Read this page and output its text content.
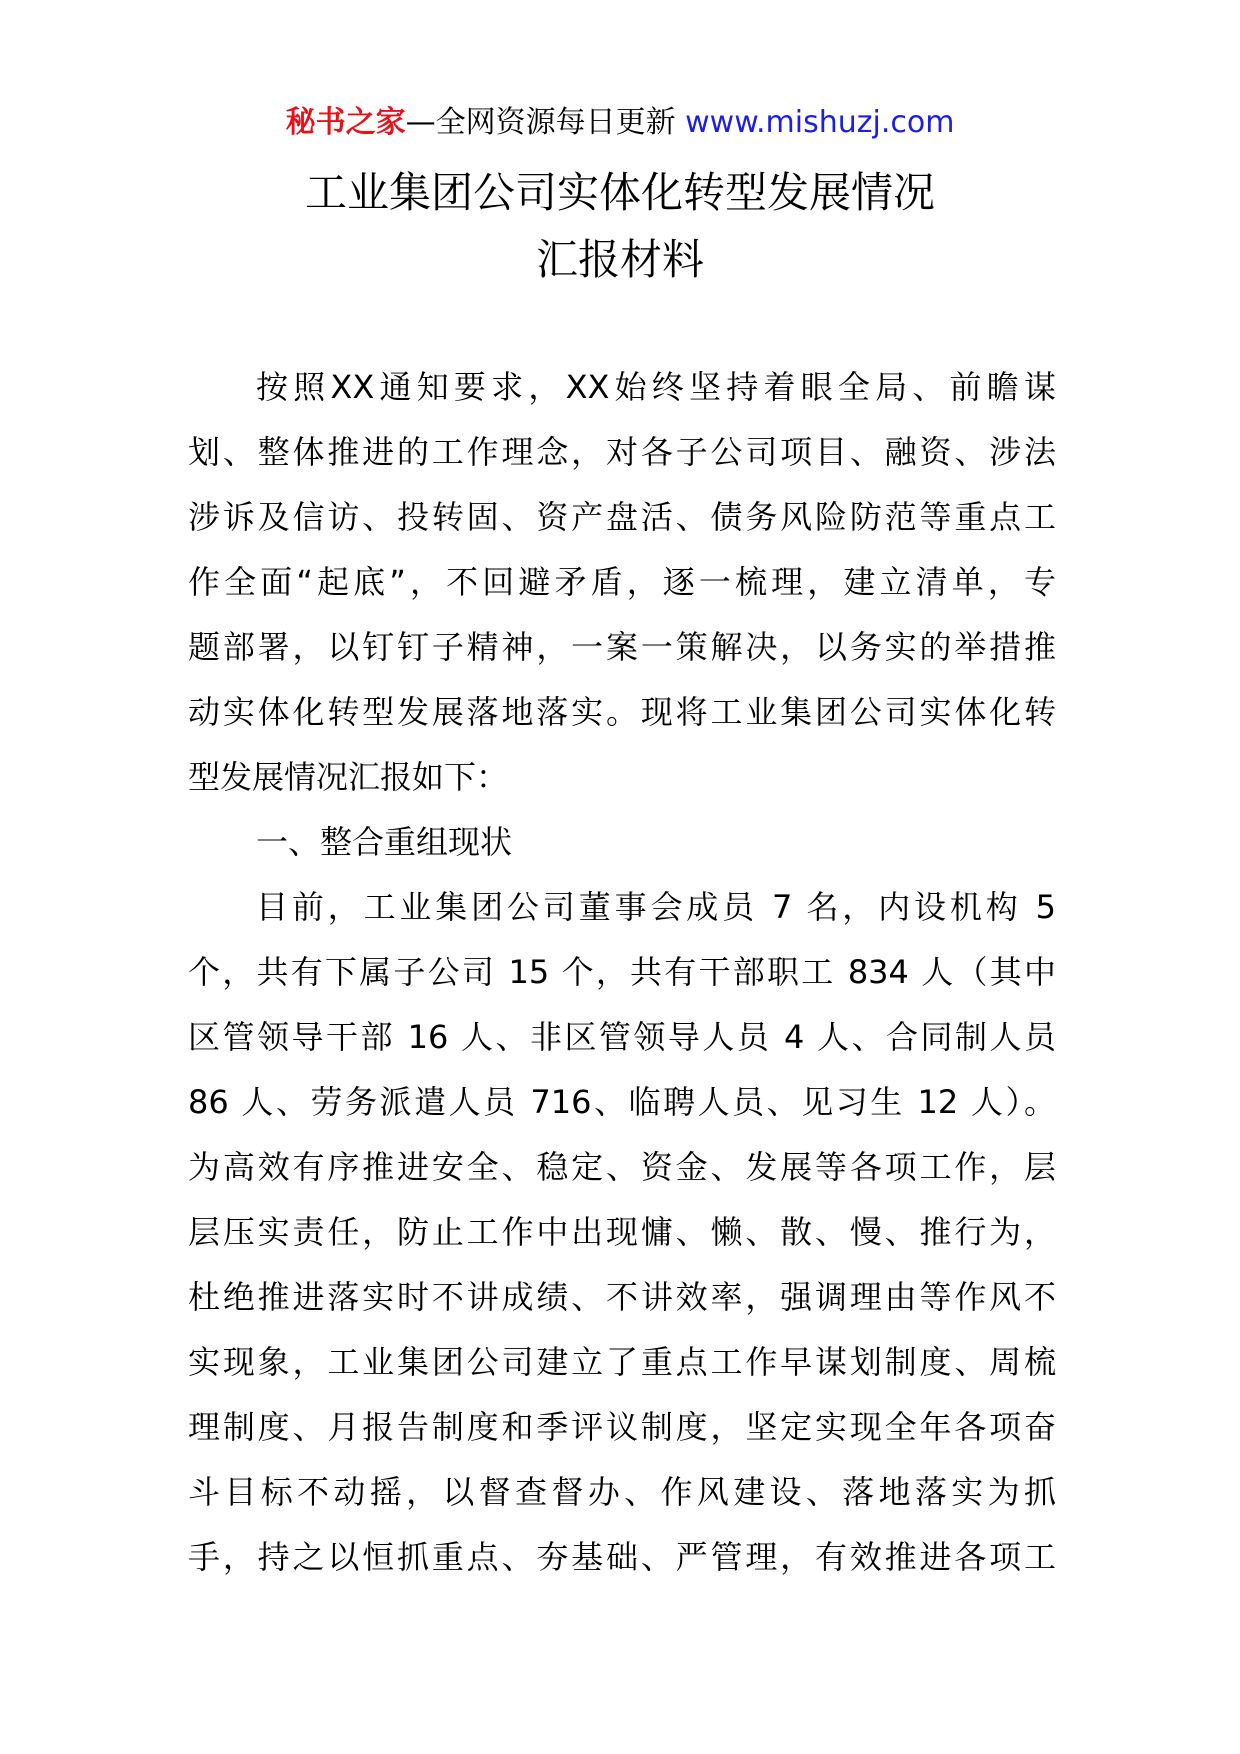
秘书之家—全网资源每日更新 www.mishuzj.com
工业集团公司实体化转型发展情况
汇报材料
按照XX通知要求，XX始终坚持着眼全局、前瞻谋
划、整体推进的工作理念，对各子公司项目、融资、涉法
涉诉及信访、投转固、资产盘活、债务风险防范等重点工
作全面“起底”，不回避矛盾，逐一梳理，建立清单，专
题部署，以钉钉子精神，一案一策解决，以务实的举措推
动实体化转型发展落地落实。现将工业集团公司实体化转
型发展情况汇报如下：
一、整合重组现状
目前，工业集团公司董事会成员 7 名，内设机构 5
个，共有下属子公司 15 个，共有干部职工 834 人（其中
区管领导干部 16 人、非区管领导人员 4 人、合同制人员
86 人、劳务派遣人员 716、临聘人员、见习生 12 人）。
为高效有序推进安全、稳定、资金、发展等各项工作，层
层压实责任，防止工作中出现慵、懒、散、慢、推行为，
杜绝推进落实时不讲成绩、不讲效率，强调理由等作风不
实现象，工业集团公司建立了重点工作早谋划制度、周梳
理制度、月报告制度和季评议制度，坚定实现全年各项奋
斗目标不动摇，以督查督办、作风建设、落地落实为抓
手，持之以恒抓重点、夯基础、严管理，有效推进各项工
